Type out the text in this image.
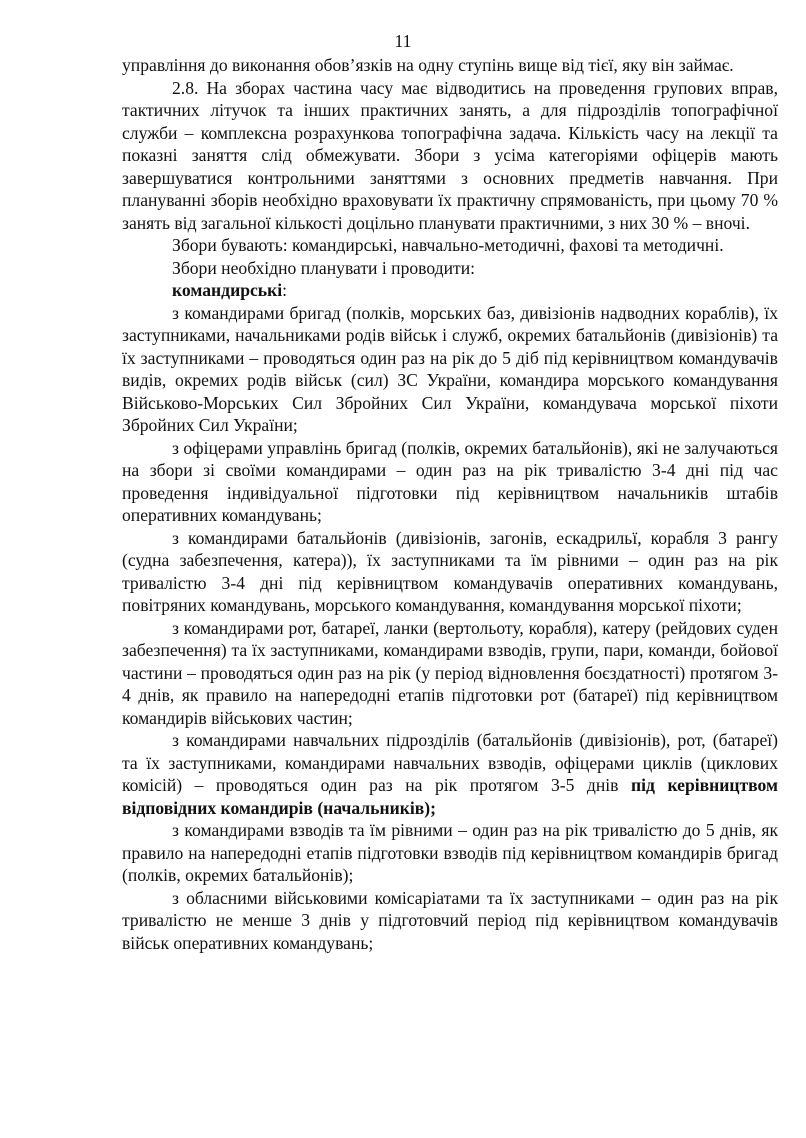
11

управління до виконання обов’язків на одну ступінь вище від тієї, яку він займає.

2.8. На зборах частина часу має відводитись на проведення групових вправ, тактичних літучок та інших практичних занять, а для підрозділів топографічної служби – комплексна розрахункова топографічна задача. Кількість часу на лекції та показні заняття слід обмежувати. Збори з усіма категоріями офіцерів мають завершуватися контрольними заняттями з основних предметів навчання. При плануванні зборів необхідно враховувати їх практичну спрямованість, при цьому 70 % занять від загальної кількості доцільно планувати практичними, з них 30 % – вночі.

Збори бувають: командирські, навчально-методичні, фахові та методичні.

Збори необхідно планувати і проводити:

командирські:

з командирами бригад (полків, морських баз, дивізіонів надводних кораблів), їх заступниками, начальниками родів військ і служб, окремих батальйонів (дивізіонів) та їх заступниками – проводяться один раз на рік до 5 діб під керівництвом командувачів видів, окремих родів військ (сил) ЗС України, командира морського командування Військово-Морських Сил Збройних Сил України, командувача морської піхоти Збройних Сил України;

з офіцерами управлінь бригад (полків, окремих батальйонів), які не залучаються на збори зі своїми командирами – один раз на рік тривалістю 3-4 дні під час проведення індивідуальної підготовки під керівництвом начальників штабів оперативних командувань;

з командирами батальйонів (дивізіонів, загонів, ескадрильї, корабля 3 рангу (судна забезпечення, катера)), їх заступниками та їм рівними – один раз на рік тривалістю 3-4 дні під керівництвом командувачів оперативних командувань, повітряних командувань, морського командування, командування морської піхоти;

з командирами рот, батареї, ланки (вертольоту, корабля), катеру (рейдових суден забезпечення) та їх заступниками, командирами взводів, групи, пари, команди, бойової частини – проводяться один раз на рік (у період відновлення боєздатності) протягом 3-4 днів, як правило на напередодні етапів підготовки рот (батареї) під керівництвом командирів військових частин;

з командирами навчальних підрозділів (батальйонів (дивізіонів), рот, (батареї) та їх заступниками, командирами навчальних взводів, офіцерами циклів (циклових комісій) – проводяться один раз на рік протягом 3-5 днів під керівництвом відповідних командирів (начальників);

з командирами взводів та їм рівними – один раз на рік тривалістю до 5 днів, як правило на напередодні етапів підготовки взводів під керівництвом командирів бригад (полків, окремих батальйонів);

з обласними військовими комісаріатами та їх заступниками – один раз на рік тривалістю не менше 3 днів у підготовчий період під керівництвом командувачів військ оперативних командувань;
